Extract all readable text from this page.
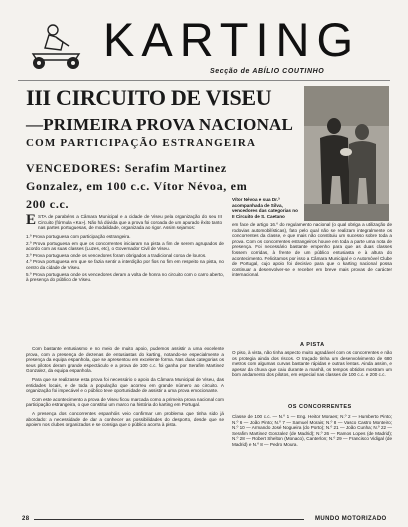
KARTING
Secção de ABÍLIO COUTINHO
III CIRCUITO DE VISEU
—PRIMEIRA PROVA NACIONAL
COM PARTICIPAÇÃO ESTRANGEIRA
VENCEDORES: Serafim Martinez Gonzalez, em 100 c.c. Vítor Névoa, em 200 c.c.	Vítor Névoa e sua Dr.ª acompanhada de Silva, vencedores das categorias no II Circuito de S. Caetano
ESTA de parabéns a Câmara Municipal e a cidade de Viseu pela organização do seu III Circuito (fórmula «Ka»). Não há dúvida que a prova foi coroada de um apurado êxito tanto nas partes portuguesas, de modalidade, organizada ao rigor. Assim sejamos:

1.º Prova portuguesa com participação estrangeira.

2.º Prova portuguesa em que os concorrentes iniciaram na pista a fim de serem agrupados de acordo com as suas classes (Luzes, etc), o Governador Civil de Viseu.

3.º Prova portuguesa onde os vencedores foram obrigados a tradicional coroa de louros.

4.º Prova portuguesa em que se fazia sentir a interdição por fios no fim em respeito na pista, no centro da cidade de Viseu.

5.º Prova portuguesa onde os vencedores deram a volta de honra no circuito com o carro aberto, à presença do público de Viseu.

Com bastante entusiasmo e no meio de muito apoio, pudemos assistir a uma excelente prova, com a presença de dezenas de entusiastas do karting, notando-se especialmente a presença da equipa espanhola, que se apresentou em excelente forma. Nas duas categorias os seus pilotos deram grande espectáculo e a prova de 100 c.c. foi ganha por Serafim Martinez Gonzalez, da equipa espanhola.

Para que se realizasse esta prova foi necessário o apoio da Câmara Municipal de Viseu, das entidades locais, e de toda a população que acorreu em grande número ao circuito. A organização foi impecável e o público teve oportunidade de assistir a uma prova emocionante.

Com este acontecimento a prova de Viseu ficou marcada como a primeira prova nacional com participação estrangeira, o que constitui um marco na história do karting em Portugal.

A presença dos concorrentes espanhóis veio confirmar um problema que tinha sido já abordado: a necessidade de dar a conhecer as possibilidades do desporto, desde que se apoiem nos clubes organizados e se consiga que o público acorra à pista.

em face de artigo 16.º do regulamento nacional (o qual obriga a utilização de rodovias automobilísticas), fato pelo qual não se realizam integralmente os concorrentes da classe, e que mais não constituiu um sucesso sobre toda a prova. Com os concorrentes estrangeiros houve em toda a parte uma nota de presença. Foi necessário bastante empenho para que as duas classes fossem corridas, à frente de um público entusiasta e à altura do acontecimento. Felicitamos por isso a Câmara Municipal e o Automóvel Clube de Portugal, cujo apoio foi decisivo para que o karting nacional possa continuar a desenvolver-se e receber em breve mais provas de carácter internacional.
A PISTA
O piso, à vista, não tinha aspecto muito agradável com os concorrentes e não os protegia ainda dos riscos. O traçado tinha um desenvolvimento de 680 metros com algumas curvas bastante rápidas e outras lentas. Ainda assim, e apesar da chuva que caiu durante a manhã, os tempos obtidos mostram um bom andamento dos pilotos, em especial nas classes de 100 c.c. e 200 c.c.
OS CONCORRENTES
Classe de 100 c.c. — N.º 1 — Eng. Heitor Moraes; N.º 2 — Humberto Pinto; N.º 6 — João Pinto; N.º 7 — Samuel Morais; N.º 8 — Vasco Castro Monteiro; N.º 10 — Armando José Nogueira (do Porto); N.º 21 — João Cunha; N.º 22 — Serafim Martinez Gonzalez (de Madrid); N.º 26 — Ramos Lopes (de Madrid); N.º 28 — Robert Shelton (Monaco), Canterlon; N.º 29 — Francisco Vidigal (de Madrid) e N.º 8 — Pedro Moura.
28	MUNDO MOTORIZADO
